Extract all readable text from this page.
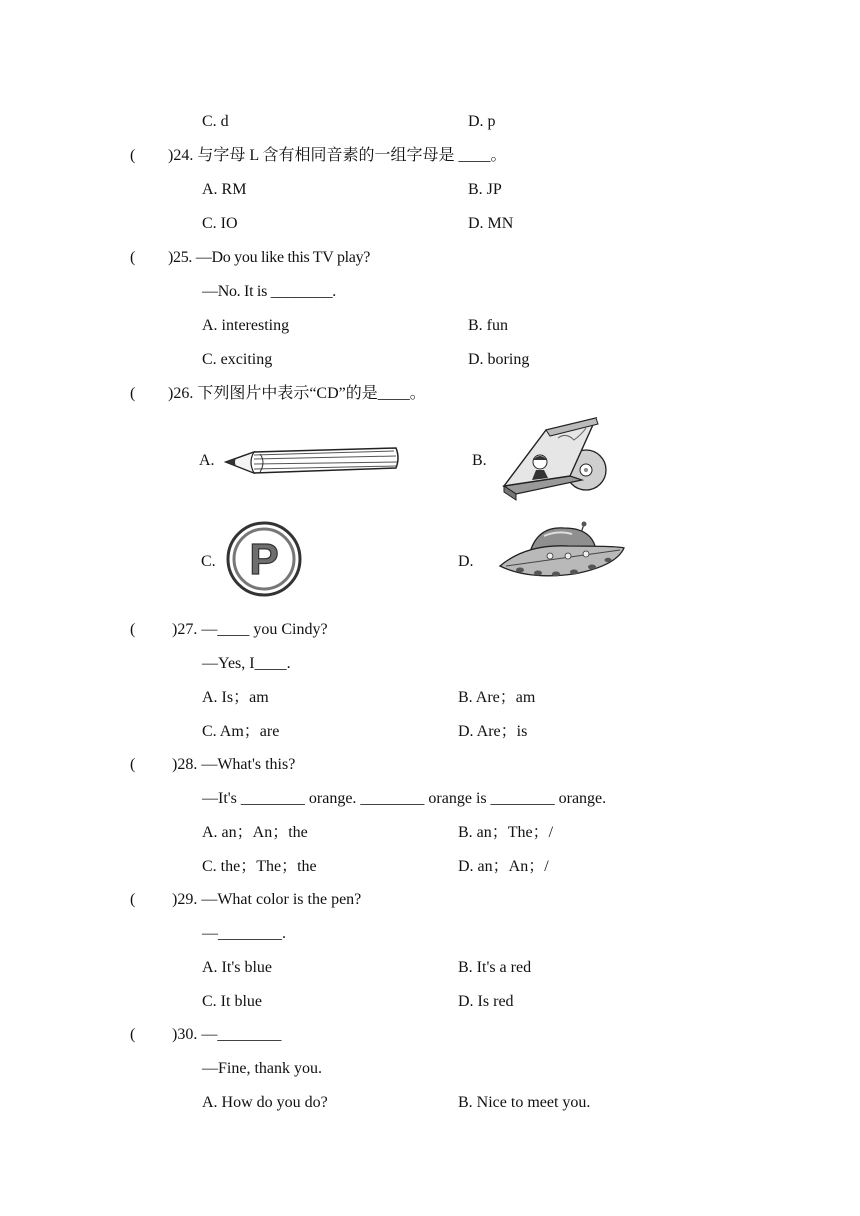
C. d	D. p
( )24. 与字母 L 含有相同音素的一组字母是 ____。
A. RM	B. JP
C. IO	D. MN
( )25. —Do you like this TV play?
—No. It is ________.
A. interesting	B. fun
C. exciting	D. boring
( )26. 下列图片中表示“CD”的是____。
A.	B.
C. P	D.
( )27. —____ you Cindy?
—Yes, I____.
A. Is；am	B. Are；am
C. Am；are	D. Are；is
( )28. —What's this?
—It's ________ orange. ________ orange is ________ orange.
A. an；An；the	B. an；The；/
C. the；The；the	D. an；An；/
( )29. —What color is the pen?
—________.
A. It's blue	B. It's a red
C. It blue	D. Is red
( )30. —________
—Fine, thank you.
A. How do you do?	B. Nice to meet you.
